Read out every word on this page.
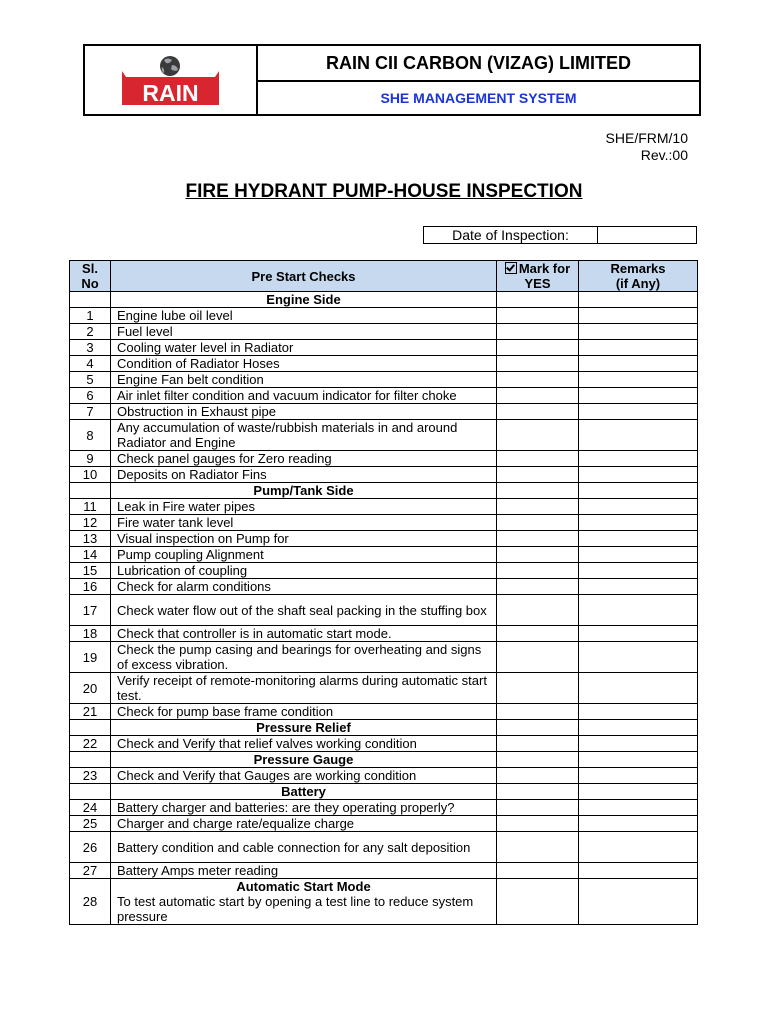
RAIN
RAIN CII CARBON (VIZAG) LIMITED
SHE MANAGEMENT SYSTEM
SHE/FRM/10
Rev.:00
FIRE HYDRANT PUMP-HOUSE INSPECTION
Date of Inspection:
Sl. No	Pre Start Checks	Mark for YES	Remarks (if Any)
	Engine Side		
1	Engine lube oil level		
2	Fuel level		
3	Cooling water level in Radiator		
4	Condition of Radiator Hoses		
5	Engine Fan belt condition		
6	Air inlet filter condition and vacuum indicator for filter choke		
7	Obstruction in Exhaust pipe		
8	Any accumulation of waste/rubbish materials in and around Radiator and Engine		
9	Check panel gauges for Zero reading		
10	Deposits on Radiator Fins		
	Pump/Tank Side		
11	Leak in Fire water pipes		
12	Fire water tank level		
13	Visual inspection on Pump for		
14	Pump coupling Alignment		
15	Lubrication of coupling		
16	Check for alarm conditions		
17	Check water flow out of the shaft seal packing in the stuffing box		
18	Check that controller is in automatic start mode.		
19	Check the pump casing and bearings for overheating and signs of excess vibration.		
20	Verify receipt of remote-monitoring alarms during automatic start test.		
21	Check for pump base frame condition		
	Pressure Relief		
22	Check and Verify that relief valves working condition		
	Pressure Gauge		
23	Check and Verify that Gauges are working condition		
	Battery		
24	Battery charger and batteries: are they operating properly?		
25	Charger and charge rate/equalize charge		
26	Battery condition and cable connection for any salt deposition		
27	Battery Amps meter reading		
28	Automatic Start Mode
To test automatic start by opening a test line to reduce system pressure		
